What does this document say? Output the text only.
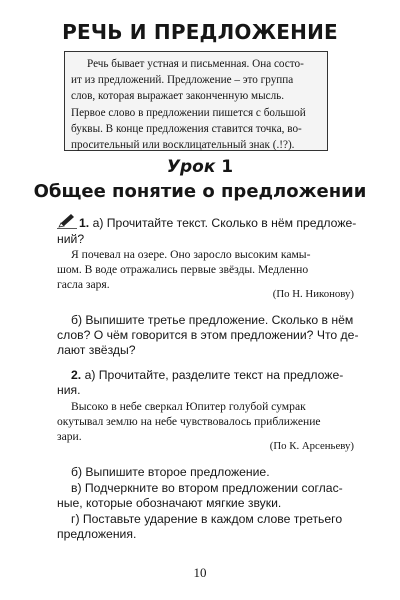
РЕЧЬ И ПРЕДЛОЖЕНИЕ
Речь бывает устная и письменная. Она состо-
ит из предложений. Предложение – это группа
слов, которая выражает законченную мысль.
Первое слово в предложении пишется с большой
буквы. В конце предложения ставится точка, во-
просительный или восклицательный знак (.!?).
Урок 1
Общее понятие о предложении
1. а) Прочитайте текст. Сколько в нём предложе-
ний?
Я почевал на озере. Оно заросло высоким камы-
шом. В воде отражались первые звёзды. Медленно
гасла заря.
(По Н. Никонову)
б) Выпишите третье предложение. Сколько в нём
слов? О чём говорится в этом предложении? Что де-
лают звёзды?
2. а) Прочитайте, разделите текст на предложе-
ния.
Высоко в небе сверкал Юпитер голубой сумрак
окутывал землю на небе чувствовалось приближение
зари.
(По К. Арсеньеву)
б) Выпишите второе предложение.
в) Подчеркните во втором предложении соглас-
ные, которые обозначают мягкие звуки.
г) Поставьте ударение в каждом слове третьего
предложения.
10
